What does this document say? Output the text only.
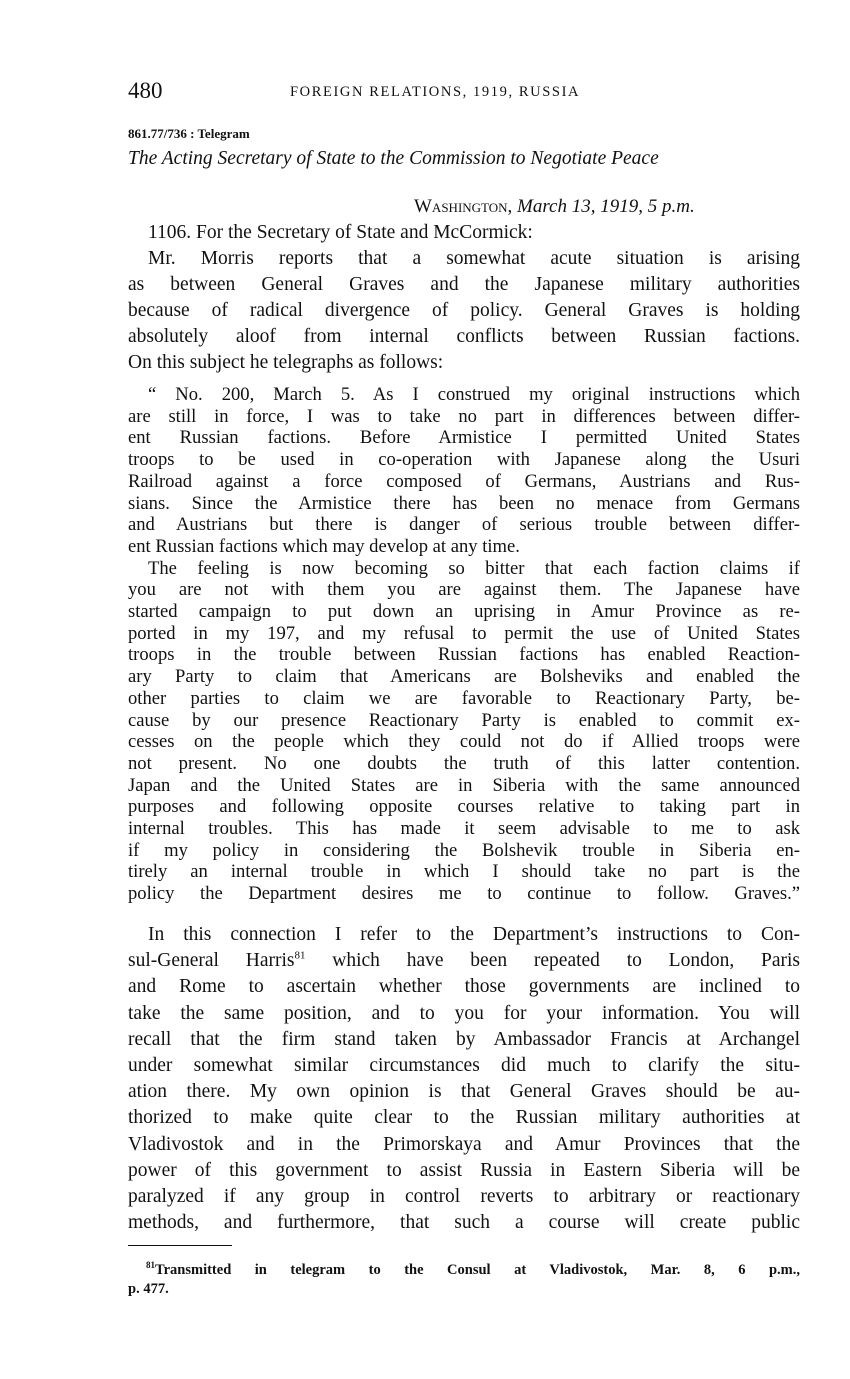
480	FOREIGN RELATIONS, 1919, RUSSIA
861.77/736 : Telegram
The Acting Secretary of State to the Commission to Negotiate Peace
Washington, March 13, 1919, 5 p.m.

1106. For the Secretary of State and McCormick:

Mr. Morris reports that a somewhat acute situation is arising
as between General Graves and the Japanese military authorities
because of radical divergence of policy. General Graves is holding
absolutely aloof from internal conflicts between Russian factions.
On this subject he telegraphs as follows:

“ No. 200, March 5. As I construed my original instructions which
are still in force, I was to take no part in differences between differ-
ent Russian factions. Before Armistice I permitted United States
troops to be used in co-operation with Japanese along the Usuri
Railroad against a force composed of Germans, Austrians and Rus-
sians. Since the Armistice there has been no menace from Germans
and Austrians but there is danger of serious trouble between differ-
ent Russian factions which may develop at any time.

The feeling is now becoming so bitter that each faction claims if
you are not with them you are against them. The Japanese have
started campaign to put down an uprising in Amur Province as re-
ported in my 197, and my refusal to permit the use of United States
troops in the trouble between Russian factions has enabled Reaction-
ary Party to claim that Americans are Bolsheviks and enabled the
other parties to claim we are favorable to Reactionary Party, be-
cause by our presence Reactionary Party is enabled to commit ex-
cesses on the people which they could not do if Allied troops were
not present. No one doubts the truth of this latter contention.
Japan and the United States are in Siberia with the same announced
purposes and following opposite courses relative to taking part in
internal troubles. This has made it seem advisable to me to ask
if my policy in considering the Bolshevik trouble in Siberia en-
tirely an internal trouble in which I should take no part is the
policy the Department desires me to continue to follow. Graves.”

In this connection I refer to the Department’s instructions to Con-
sul-General Harris$^{81}$ which have been repeated to London, Paris
and Rome to ascertain whether those governments are inclined to
take the same position, and to you for your information. You will
recall that the firm stand taken by Ambassador Francis at Archangel
under somewhat similar circumstances did much to clarify the situ-
ation there. My own opinion is that General Graves should be au-
thorized to make quite clear to the Russian military authorities at
Vladivostok and in the Primorskaya and Amur Provinces that the
power of this government to assist Russia in Eastern Siberia will be
paralyzed if any group in control reverts to arbitrary or reactionary
methods, and furthermore, that such a course will create public

$^{81}$Transmitted in telegram to the Consul at Vladivostok, Mar. 8, 6 p.m.,
p. 477.
